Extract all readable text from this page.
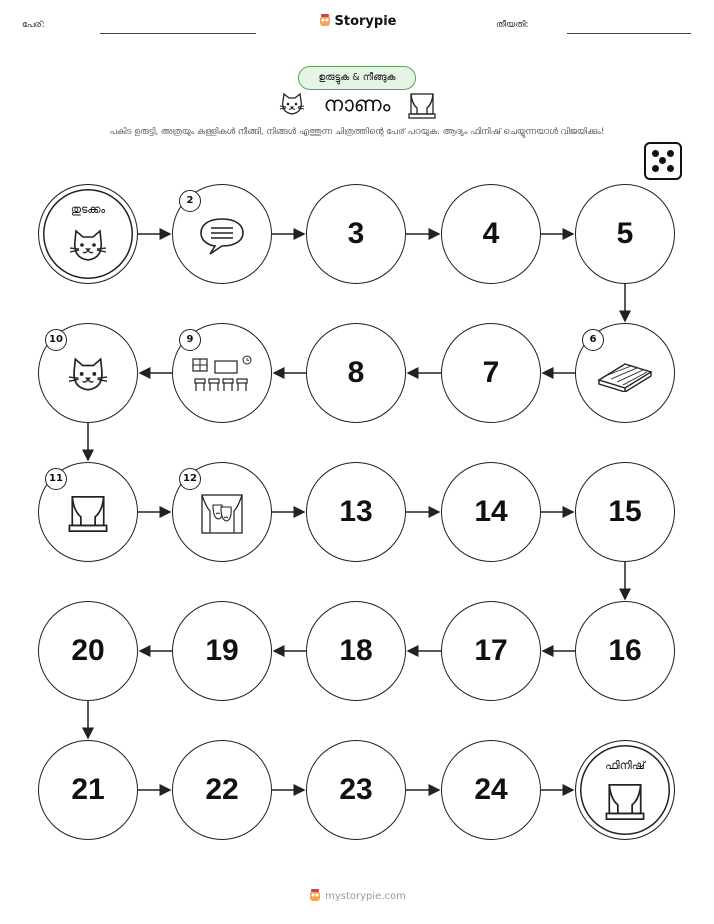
പേര്:	Storypie	തീയതി:
ഉരുട്ടുക & നീങ്ങുക
നാണം
പകിട ഉരുട്ടി, അത്രയും കള്ളികൾ നീങ്ങി, നിങ്ങൾ എത്തുന്ന ചിത്രത്തിന്റെ പേര് പറയുക. ആദ്യം ഫിനിഷ് ചെയ്യുന്നയാൾ വിജയിക്കും!
തുടക്കം
2
3	4	5
6
7
8
9
10
11	12
13	14	15
16
17
18
19
20
21	22	23	24
ഫിനിഷ്
mystorypie.com
